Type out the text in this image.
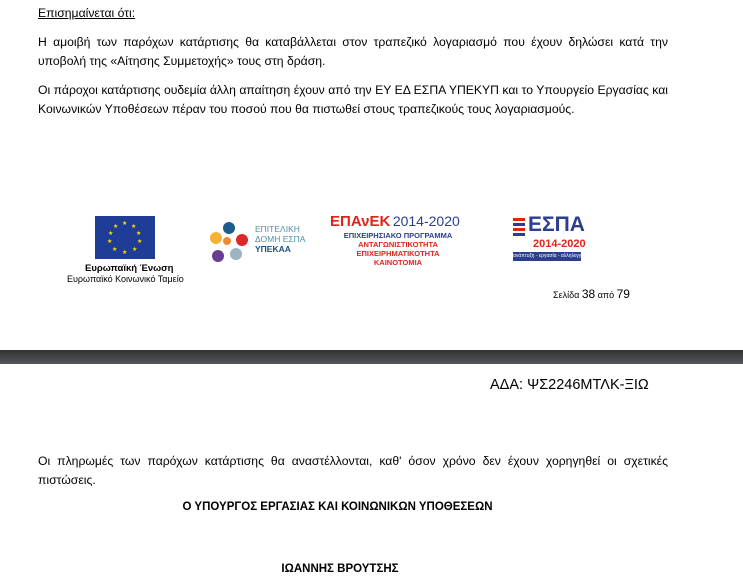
Επισημαίνεται ότι:
Η αμοιβή των παρόχων κατάρτισης θα καταβάλλεται στον τραπεζικό λογαριασμό που έχουν δηλώσει κατά την υποβολή της «Αίτησης Συμμετοχής» τους στη δράση.
Οι πάροχοι κατάρτισης ουδεμία άλλη απαίτηση έχουν από την ΕΥ ΕΔ ΕΣΠΑ ΥΠΕΚΥΠ και το Υπουργείο Εργασίας και Κοινωνικών Υποθέσεων πέραν του ποσού που θα πιστωθεί στους τραπεζικούς τους λογαριασμούς.
★ ★
★
★
★
★
★
★
★
★
Ευρωπαϊκή Ένωση
Ευρωπαϊκό Κοινωνικό Ταμείο
ΕΠΙΤΕΛΙΚΗ
ΔΟΜΗ ΕΣΠΑ
ΥΠΕΚΑΑ
ΕΠΑνΕΚ 2014-2020
ΕΠΙΧΕΙΡΗΣΙΑΚΟ ΠΡΟΓΡΑΜΜΑ
ΑΝΤΑΓΩΝΙΣΤΙΚΟΤΗΤΑ
ΕΠΙΧΕΙΡΗΜΑΤΙΚΟΤΗΤΑ
ΚΑΙΝΟΤΟΜΙΑ
ΕΣΠΑ
2014-2020
ανάπτυξη - εργασία - αλληλεγγύη
Σελίδα 38 από 79
ΑΔΑ: ΨΣ2246ΜΤΛΚ-ΞΙΩ
Οι πληρωμές των παρόχων κατάρτισης θα αναστέλλονται, καθ' όσον χρόνο δεν έχουν χορηγηθεί οι σχετικές πιστώσεις.
Ο ΥΠΟΥΡΓΟΣ ΕΡΓΑΣΙΑΣ ΚΑΙ ΚΟΙΝΩΝΙΚΩΝ ΥΠΟΘΕΣΕΩΝ
ΙΩΑΝΝΗΣ ΒΡΟΥΤΣΗΣ
